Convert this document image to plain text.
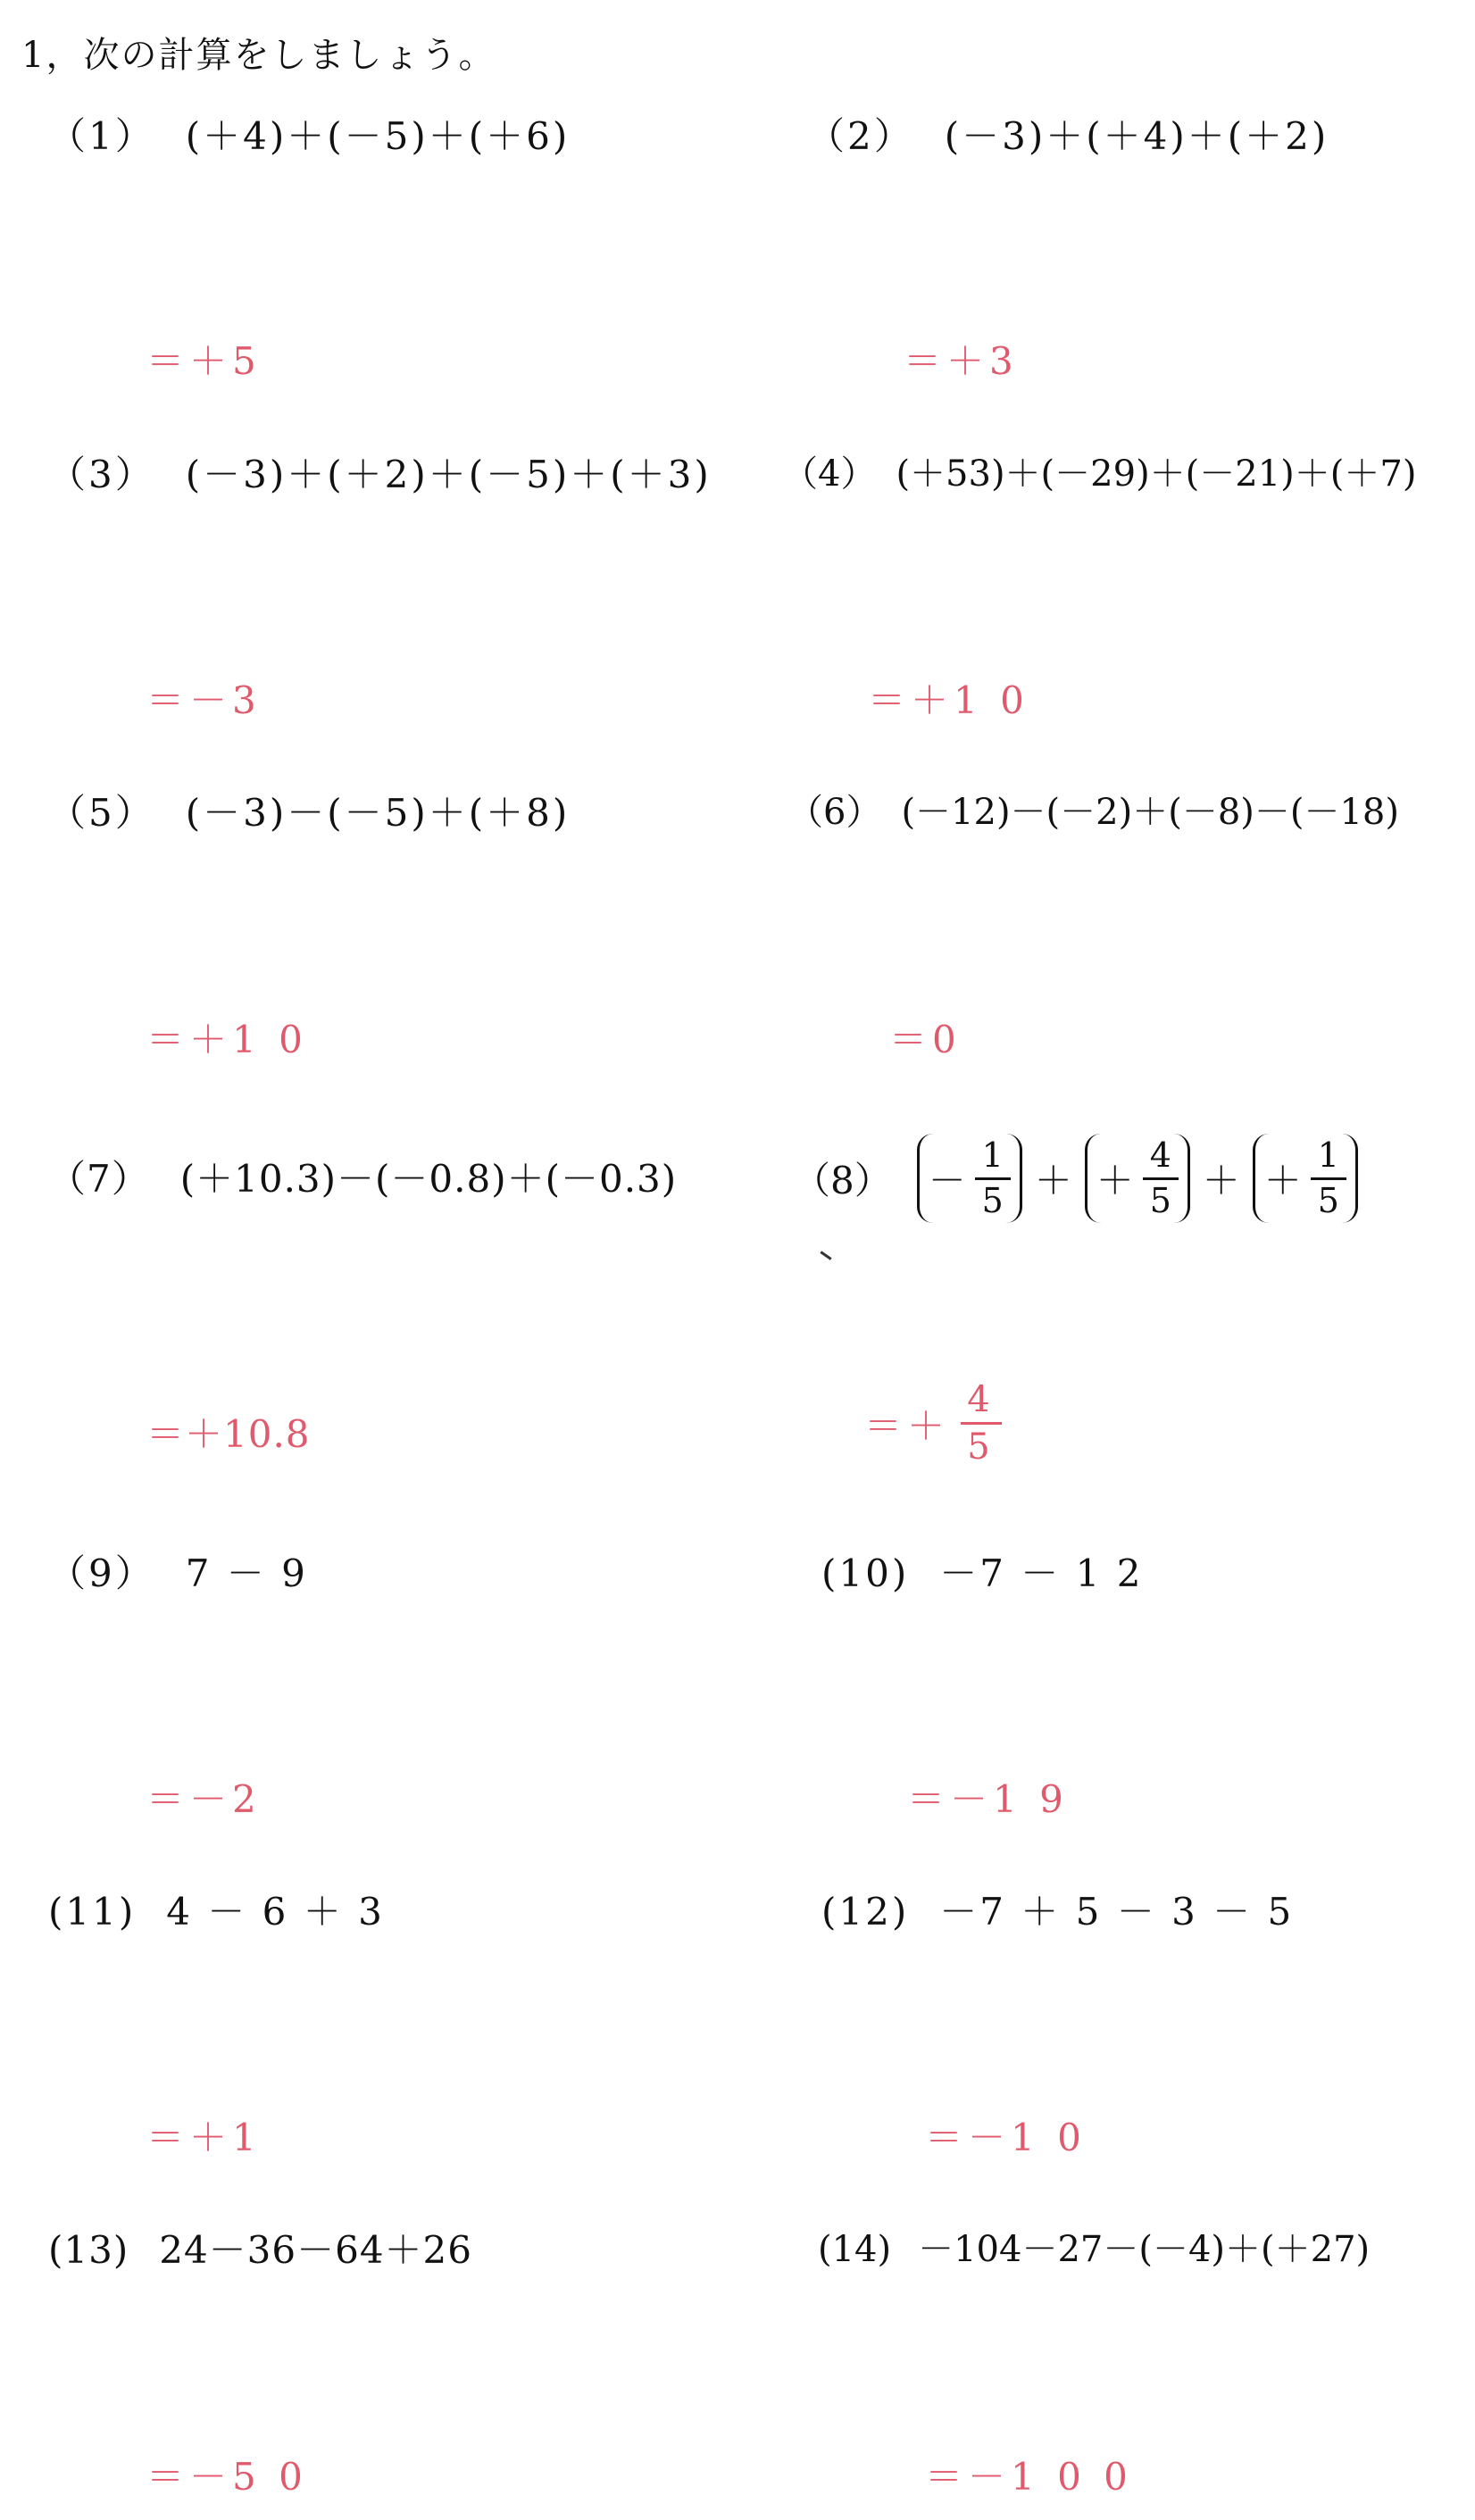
1，次の計算をしましょう。
（1） (＋4)＋(－5)＋(＋6)
＝＋5
（2） (－3)＋(＋4)＋(＋2)
＝＋3
（3） (－3)＋(＋2)＋(－5)＋(＋3)
＝－3
（4） (＋53)＋(－29)＋(－21)＋(＋7)
＝＋1 0
（5） (－3)－(－5)＋(＋8)
＝＋1 0
（6） (－12)－(－2)＋(－8)－(－18)
＝0
（7） (＋10.3)－(－0.8)＋(－0.3)
＝＋10.8
$(8) - \frac{1}{5}$ ＋ ＋ $\frac{4}{5}$ ＋ ＋ $\frac{1}{5}$
＝＋ $\frac{4}{5}$
（9） 7 － 9
＝－2
(10) －7 － 1 2
＝－1 9
(11) 4 － 6 ＋ 3
＝＋1
(12) －7 ＋ 5 － 3 － 5
＝－1 0
(13) 24－36－64＋26
＝－5 0
(14) －104－27－(－4)＋(＋27)
＝－1 0 0
